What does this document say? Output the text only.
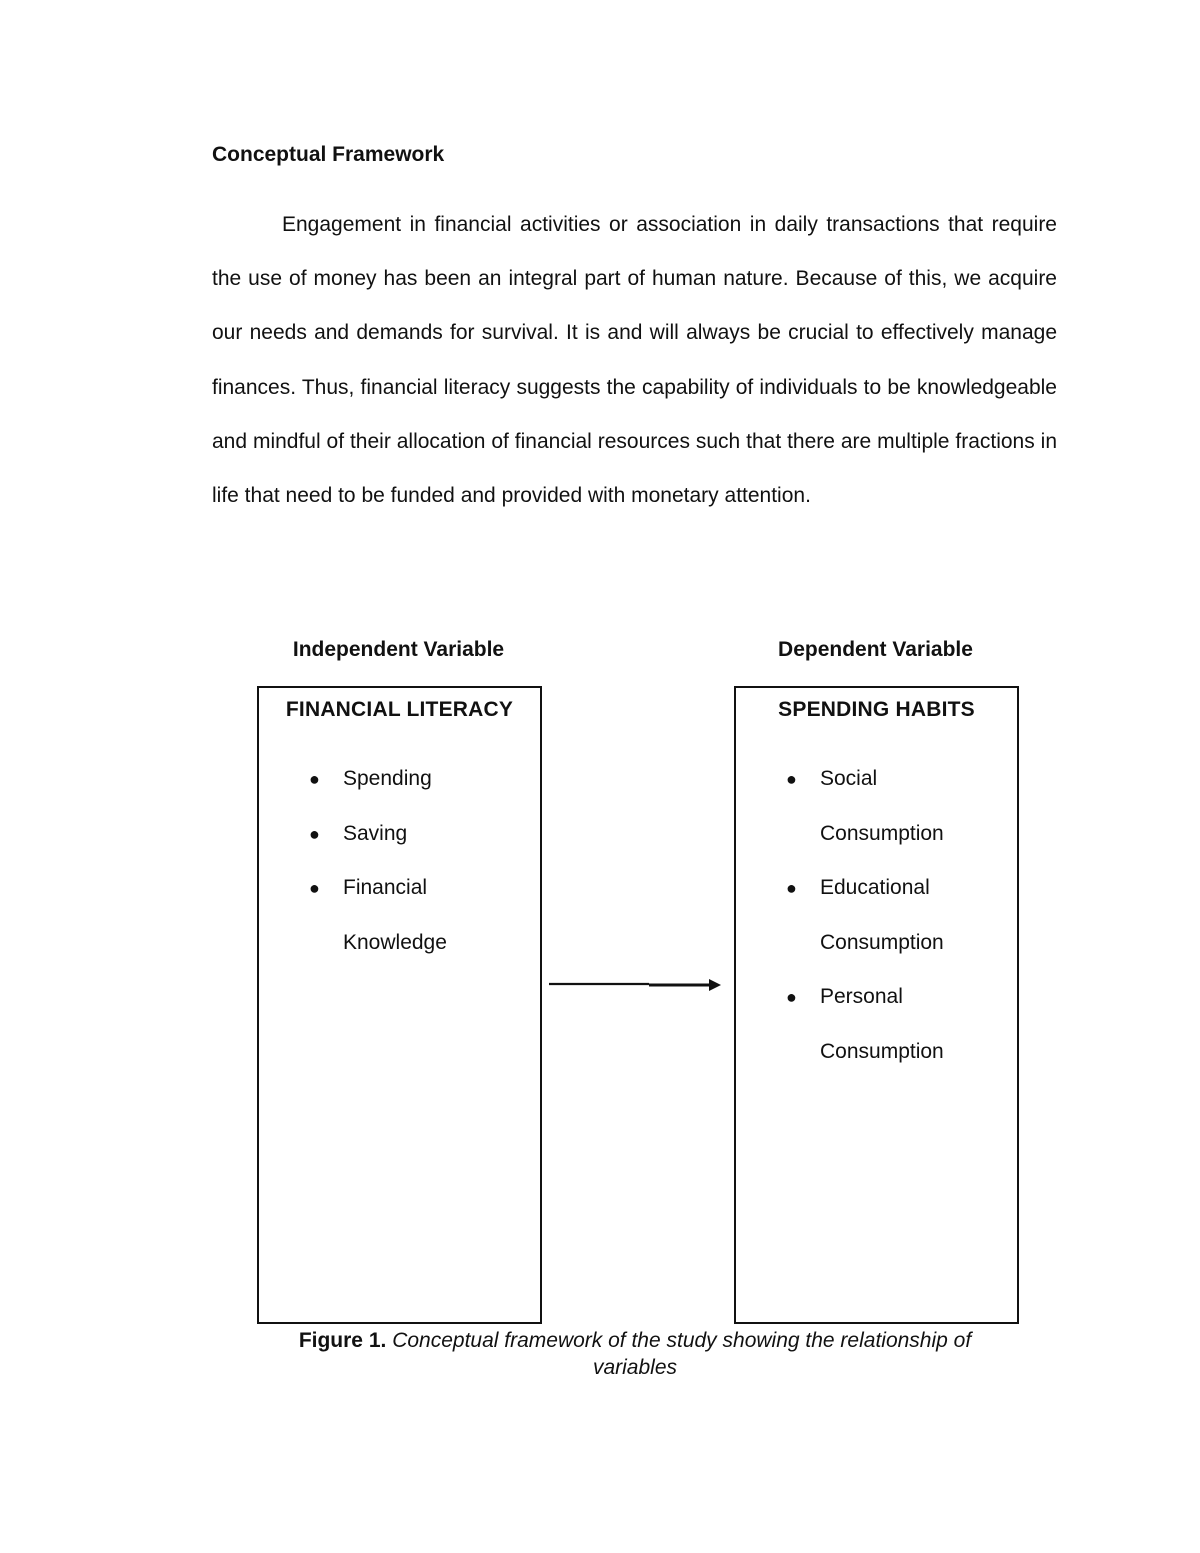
Conceptual Framework

Engagement in financial activities or association in daily transactions that require the use of money has been an integral part of human nature. Because of this, we acquire our needs and demands for survival. It is and will always be crucial to effectively manage finances. Thus, financial literacy suggests the capability of individuals to be knowledgeable and mindful of their allocation of financial resources such that there are multiple fractions in life that need to be funded and provided with monetary attention.

Independent Variable	Dependent Variable
FINANCIAL LITERACY
● Spending
● Saving
● Financial Knowledge
SPENDING HABITS
● Social Consumption
● Educational Consumption
● Personal Consumption
Figure 1. Conceptual framework of the study showing the relationship of variables
